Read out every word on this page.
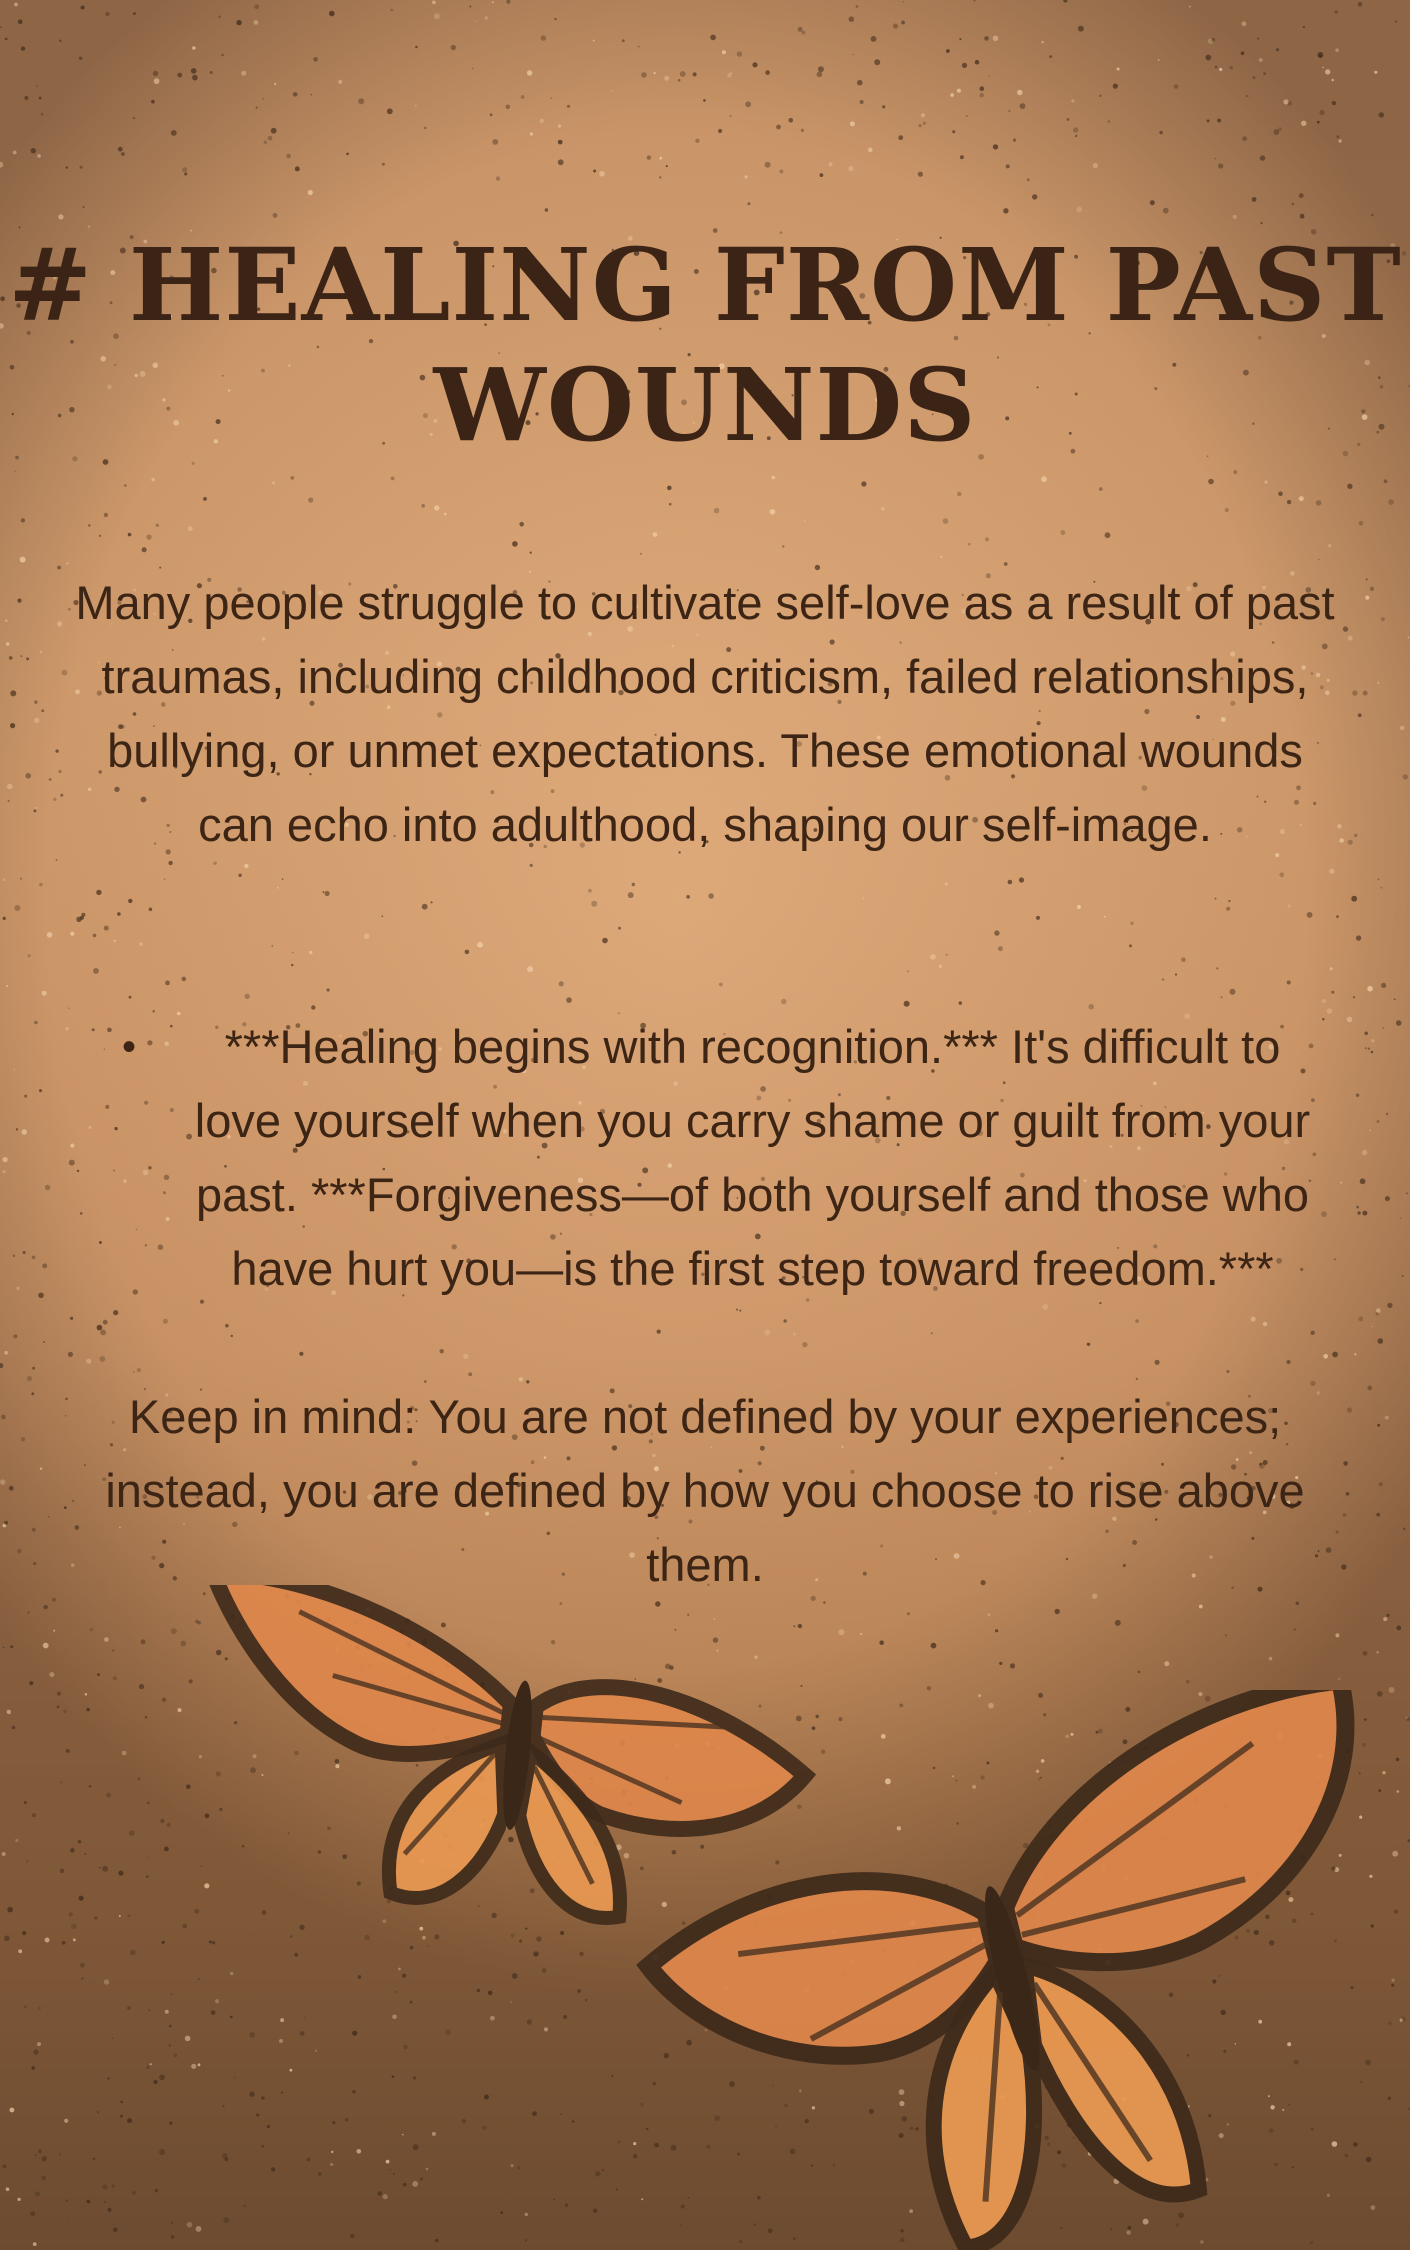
# HEALING FROM PAST WOUNDS

Many people struggle to cultivate self-love as a result of past traumas, including childhood criticism, failed relationships, bullying, or unmet expectations. These emotional wounds can echo into adulthood, shaping our self-image.

• ***Healing begins with recognition.*** It's difficult to love yourself when you carry shame or guilt from your past. ***Forgiveness—of both yourself and those who have hurt you—is the first step toward freedom.***

Keep in mind: You are not defined by your experiences; instead, you are defined by how you choose to rise above them.
